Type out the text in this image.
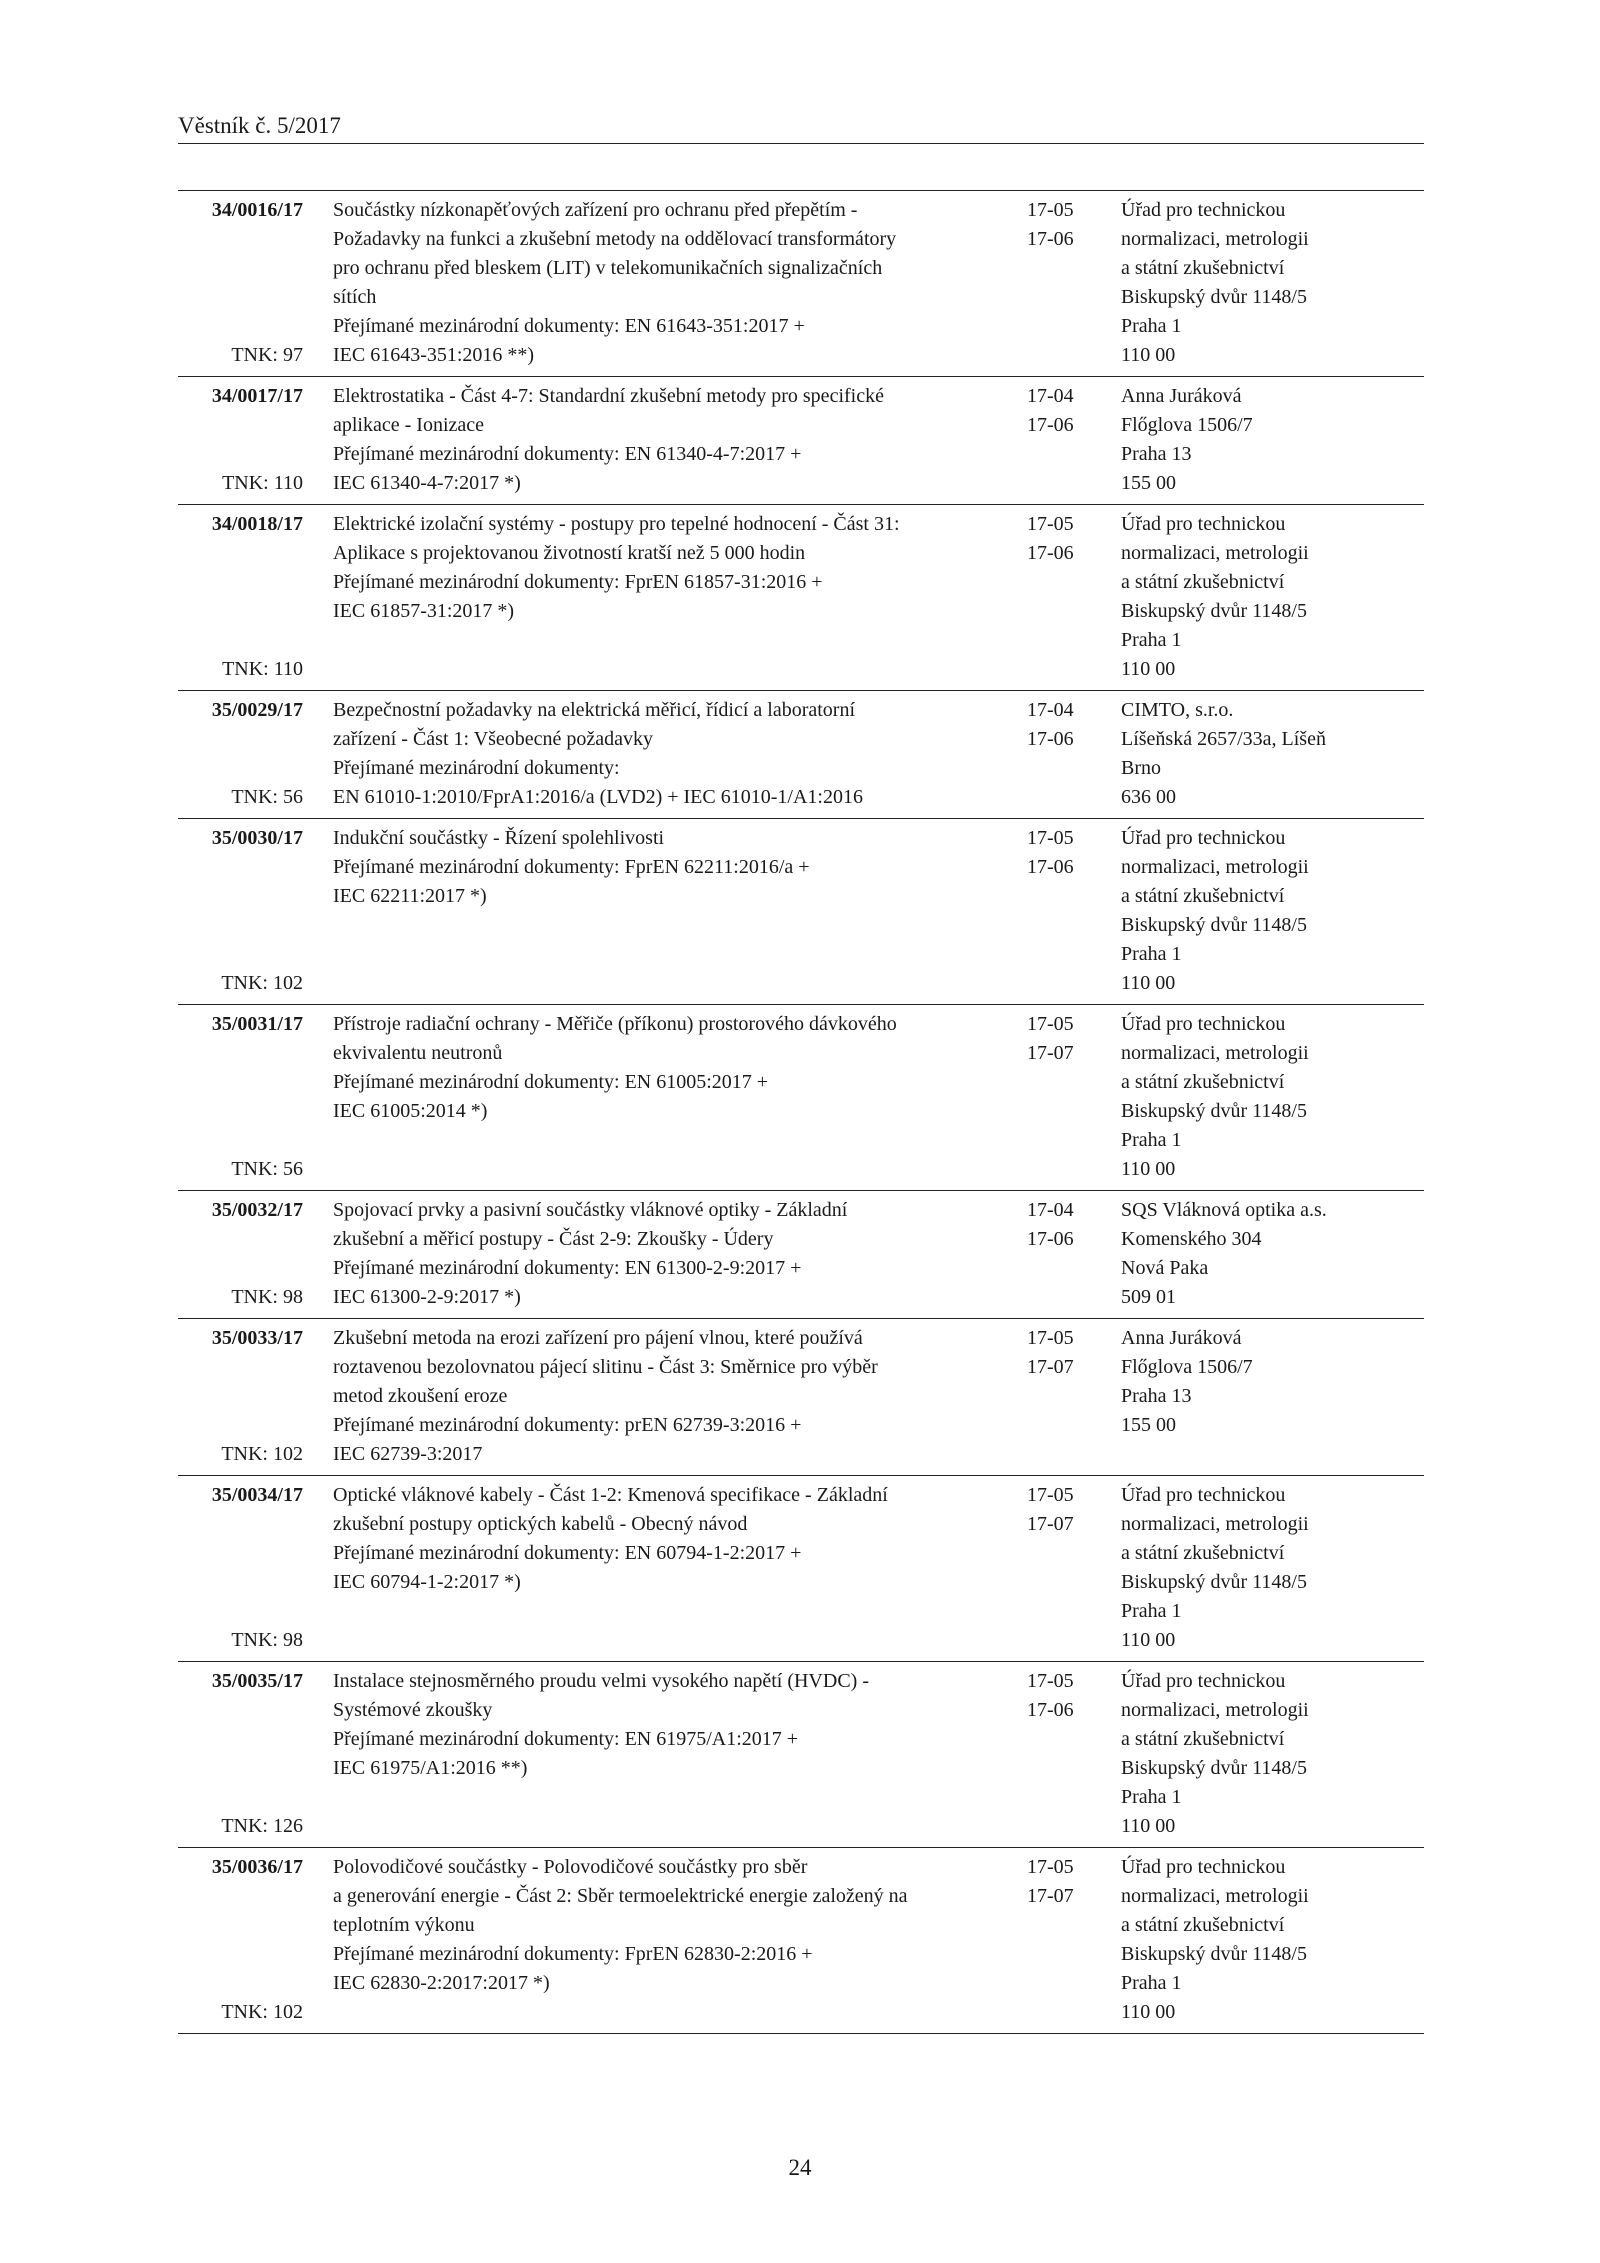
Věstník č. 5/2017
34/0016/17
TNK: 97
Součástky nízkonapěťových zařízení pro ochranu před přepětím -
Požadavky na funkci a zkušební metody na oddělovací transformátory
pro ochranu před bleskem (LIT) v telekomunikačních signalizačních
sítích
Přejímané mezinárodní dokumenty: EN 61643-351:2017 +
IEC 61643-351:2016 **)
17-05
17-06
Úřad pro technickou
normalizaci, metrologii
a státní zkušebnictví
Biskupský dvůr 1148/5
Praha 1
110 00
34/0017/17
TNK: 110
Elektrostatika - Část 4-7: Standardní zkušební metody pro specifické
aplikace - Ionizace
Přejímané mezinárodní dokumenty: EN 61340-4-7:2017 +
IEC 61340-4-7:2017 *)
17-04
17-06
Anna Juráková
Flőglova 1506/7
Praha 13
155 00
34/0018/17
TNK: 110
Elektrické izolační systémy - postupy pro tepelné hodnocení - Část 31:
Aplikace s projektovanou životností kratší než 5 000 hodin
Přejímané mezinárodní dokumenty: FprEN 61857-31:2016 +
IEC 61857-31:2017 *)
17-05
17-06
Úřad pro technickou
normalizaci, metrologii
a státní zkušebnictví
Biskupský dvůr 1148/5
Praha 1
110 00
35/0029/17
TNK: 56
Bezpečnostní požadavky na elektrická měřicí, řídicí a laboratorní
zařízení - Část 1: Všeobecné požadavky
Přejímané mezinárodní dokumenty:
EN 61010-1:2010/FprA1:2016/a (LVD2) + IEC 61010-1/A1:2016
17-04
17-06
CIMTO, s.r.o.
Líšeňská 2657/33a, Líšeň
Brno
636 00
35/0030/17
TNK: 102
Indukční součástky - Řízení spolehlivosti
Přejímané mezinárodní dokumenty: FprEN 62211:2016/a +
IEC 62211:2017 *)
17-05
17-06
Úřad pro technickou
normalizaci, metrologii
a státní zkušebnictví
Biskupský dvůr 1148/5
Praha 1
110 00
35/0031/17
TNK: 56
Přístroje radiační ochrany - Měřiče (příkonu) prostorového dávkového
ekvivalentu neutronů
Přejímané mezinárodní dokumenty: EN 61005:2017 +
IEC 61005:2014 *)
17-05
17-07
Úřad pro technickou
normalizaci, metrologii
a státní zkušebnictví
Biskupský dvůr 1148/5
Praha 1
110 00
35/0032/17
TNK: 98
Spojovací prvky a pasivní součástky vláknové optiky - Základní
zkušební a měřicí postupy - Část 2-9: Zkoušky - Údery
Přejímané mezinárodní dokumenty: EN 61300-2-9:2017 +
IEC 61300-2-9:2017 *)
17-04
17-06
SQS Vláknová optika a.s.
Komenského 304
Nová Paka
509 01
35/0033/17
TNK: 102
Zkušební metoda na erozi zařízení pro pájení vlnou, které používá
roztavenou bezolovnatou pájecí slitinu - Část 3: Směrnice pro výběr
metod zkoušení eroze
Přejímané mezinárodní dokumenty: prEN 62739-3:2016 +
IEC 62739-3:2017
17-05
17-07
Anna Juráková
Flőglova 1506/7
Praha 13
155 00
35/0034/17
TNK: 98
Optické vláknové kabely - Část 1-2: Kmenová specifikace - Základní
zkušební postupy optických kabelů - Obecný návod
Přejímané mezinárodní dokumenty: EN 60794-1-2:2017 +
IEC 60794-1-2:2017 *)
17-05
17-07
Úřad pro technickou
normalizaci, metrologii
a státní zkušebnictví
Biskupský dvůr 1148/5
Praha 1
110 00
35/0035/17
TNK: 126
Instalace stejnosměrného proudu velmi vysokého napětí (HVDC) -
Systémové zkoušky
Přejímané mezinárodní dokumenty: EN 61975/A1:2017 +
IEC 61975/A1:2016 **)
17-05
17-06
Úřad pro technickou
normalizaci, metrologii
a státní zkušebnictví
Biskupský dvůr 1148/5
Praha 1
110 00
35/0036/17
TNK: 102
Polovodičové součástky - Polovodičové součástky pro sběr
a generování energie - Část 2: Sběr termoelektrické energie založený na
teplotním výkonu
Přejímané mezinárodní dokumenty: FprEN 62830-2:2016 +
IEC 62830-2:2017:2017 *)
17-05
17-07
Úřad pro technickou
normalizaci, metrologii
a státní zkušebnictví
Biskupský dvůr 1148/5
Praha 1
110 00
24
